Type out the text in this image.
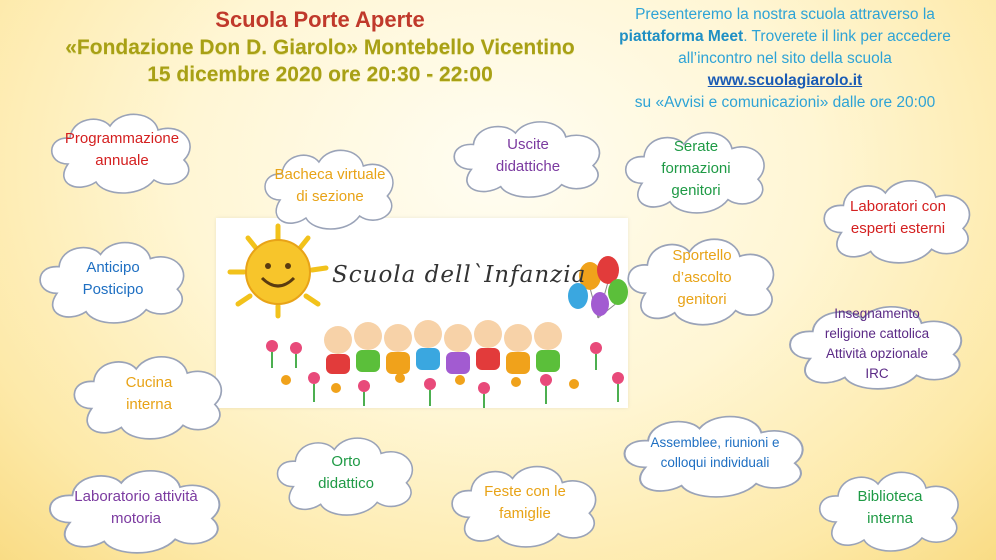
Scuola Porte Aperte
«Fondazione Don D. Giarolo» Montebello Vicentino
15 dicembre 2020 ore 20:30 - 22:00
Presenteremo la nostra scuola attraverso la
piattaforma Meet. Troverete il link per accedere all’incontro nel sito della scuola
www.scuolagiarolo.it
su «Avvisi e comunicazioni» dalle ore 20:00
Scuola dell`Infanzia
Programmazione annuale
Bacheca virtuale di sezione
Uscite didattiche
Serate formazioni genitori
Laboratori con esperti esterni
Anticipo Posticipo
Sportello d’ascolto genitori
Insegnamento religione cattolica Attività opzionale IRC
Cucina interna
Assemblee, riunioni e colloqui individuali
Orto didattico	Feste con le famiglie
Laboratorio attività motoria
Biblioteca interna
